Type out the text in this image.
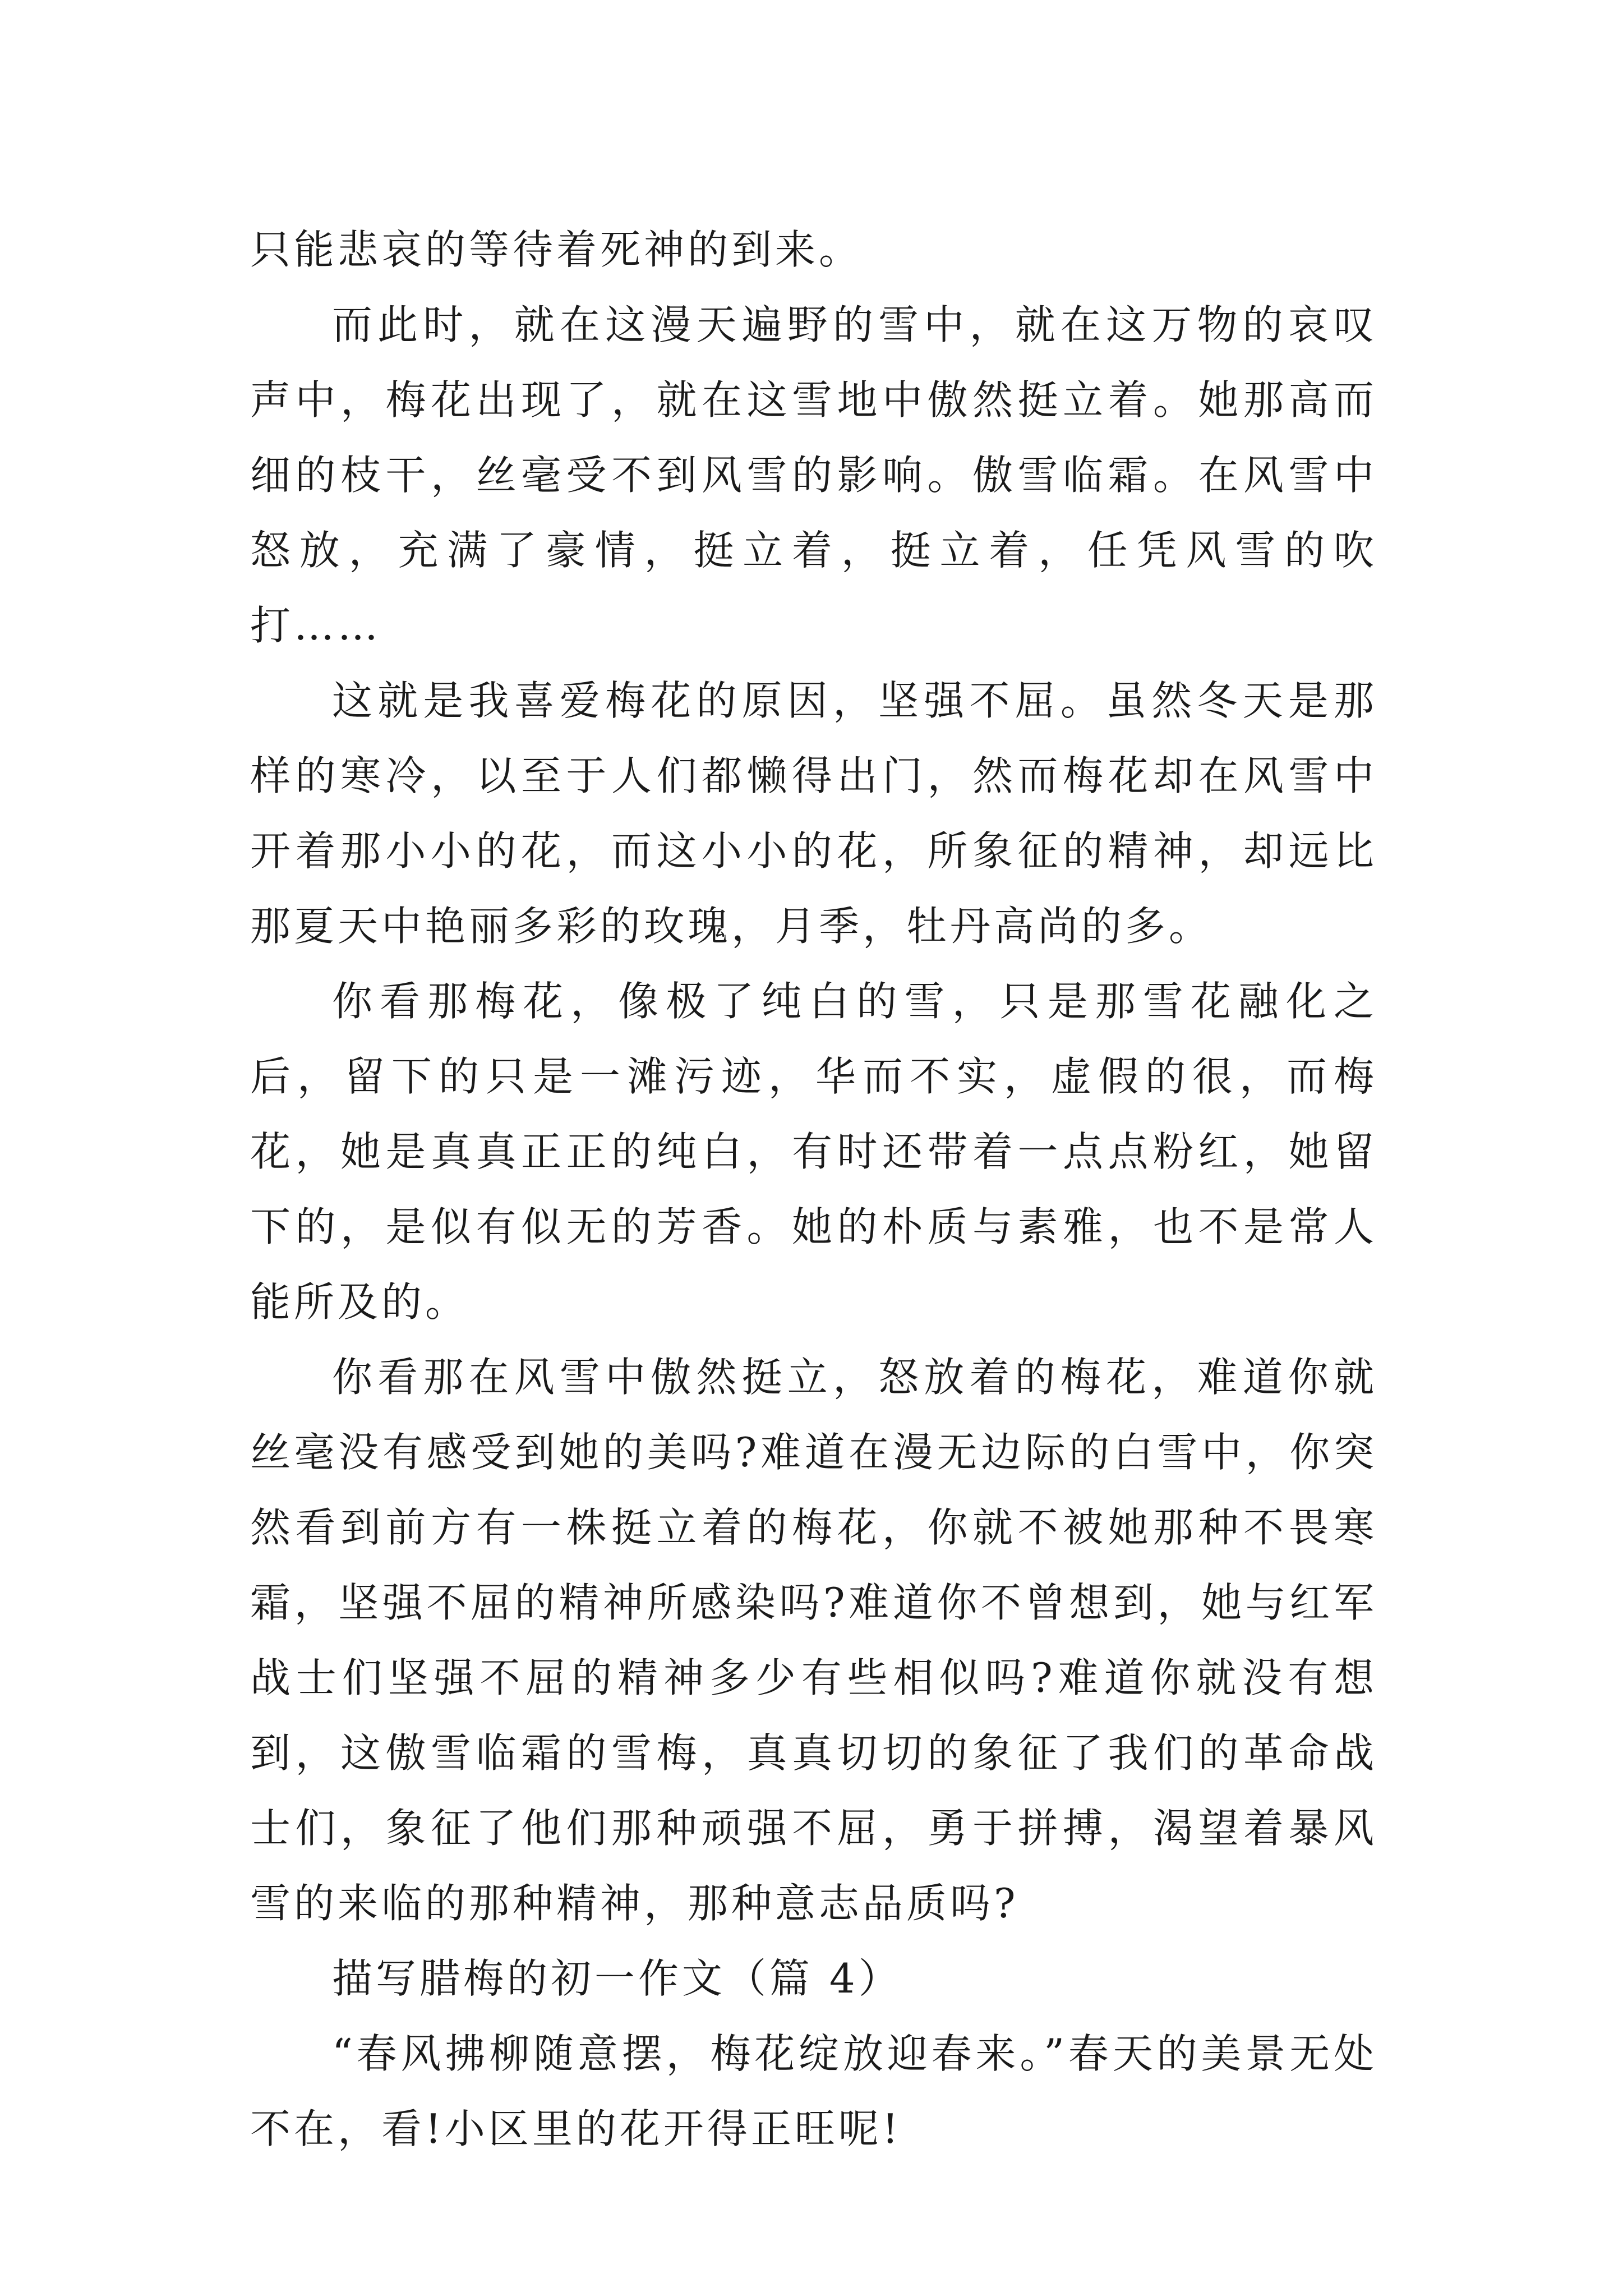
只能悲哀的等待着死神的到来。

而此时，就在这漫天遍野的雪中，就在这万物的哀叹声中，梅花出现了，就在这雪地中傲然挺立着。她那高而细的枝干，丝毫受不到风雪的影响。傲雪临霜。在风雪中怒放，充满了豪情，挺立着，挺立着，任凭风雪的吹打……

这就是我喜爱梅花的原因，坚强不屈。虽然冬天是那样的寒冷，以至于人们都懒得出门，然而梅花却在风雪中开着那小小的花，而这小小的花，所象征的精神，却远比那夏天中艳丽多彩的玫瑰，月季，牡丹高尚的多。

你看那梅花，像极了纯白的雪，只是那雪花融化之后，留下的只是一滩污迹，华而不实，虚假的很，而梅花，她是真真正正的纯白，有时还带着一点点粉红，她留下的，是似有似无的芳香。她的朴质与素雅，也不是常人能所及的。

你看那在风雪中傲然挺立，怒放着的梅花，难道你就丝毫没有感受到她的美吗?难道在漫无边际的白雪中，你突然看到前方有一株挺立着的梅花，你就不被她那种不畏寒霜，坚强不屈的精神所感染吗?难道你不曾想到，她与红军战士们坚强不屈的精神多少有些相似吗?难道你就没有想到，这傲雪临霜的雪梅，真真切切的象征了我们的革命战士们，象征了他们那种顽强不屈，勇于拼搏，渴望着暴风雪的来临的那种精神，那种意志品质吗?

描写腊梅的初一作文（篇 4）

“春风拂柳随意摆，梅花绽放迎春来。”春天的美景无处不在，看!小区里的花开得正旺呢!
